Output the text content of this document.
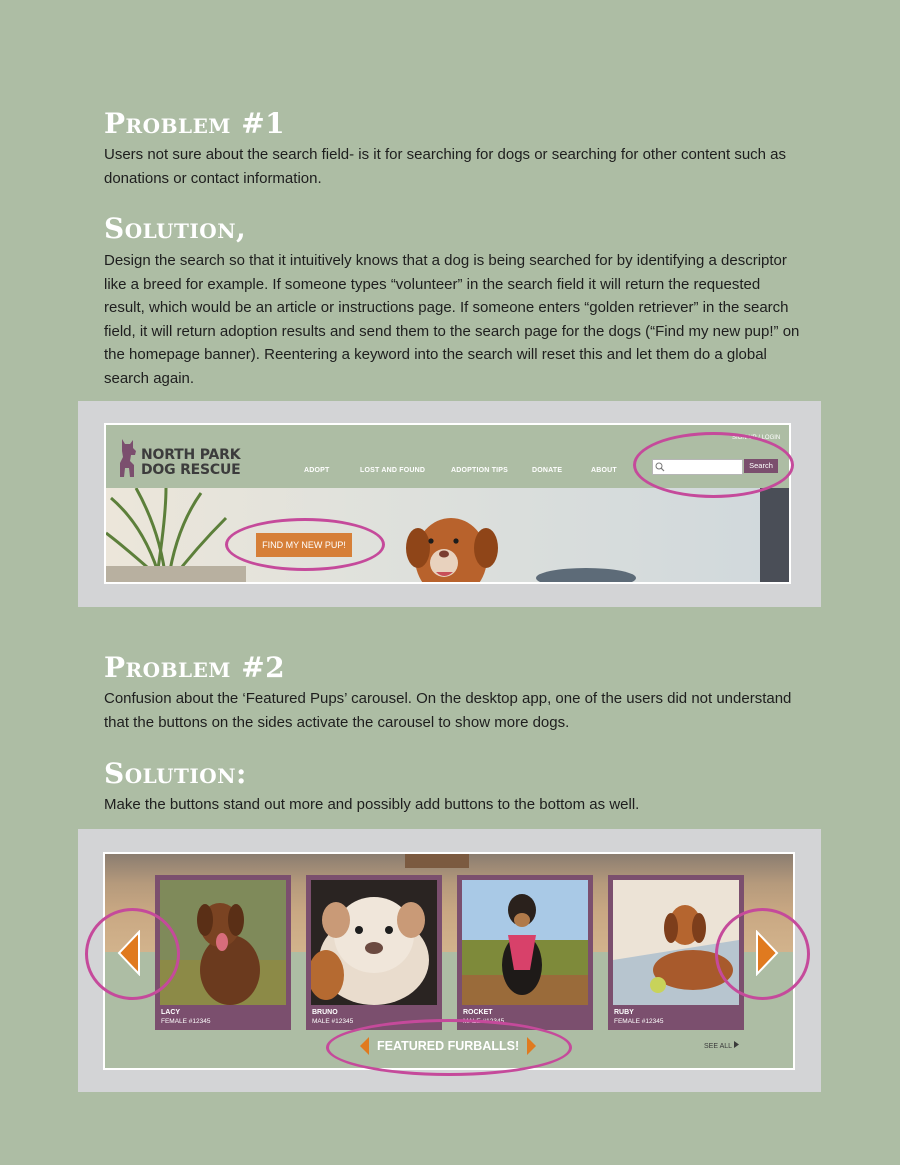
Problem #1

Users not sure about the search field- is it for searching for dogs or searching for other content such as donations or contact information.

Solution,

Design the search so that it intuitively knows that a dog is being searched for by identifying a descriptor like a breed for example. If someone types “volunteer” in the search field it will return the requested result, which would be an article or instructions page. If someone enters “golden retriever” in the search field, it will return adoption results and send them to the search page for the dogs (“Find my new pup!” on the homepage banner). Reentering a keyword into the search will reset this and let them do a global search again.

NORTH PARK
DOG RESCUE	ADOPT	LOST AND FOUND	ADOPTION TIPS	DONATE	ABOUT
SIGN UP / LOGIN
Search
FIND MY NEW PUP!
Problem #2

Confusion about the ‘Featured Pups’ carousel. On the desktop app, one of the users did not understand that the buttons on the sides activate the carousel to show more dogs.

Solution:

Make the buttons stand out more and possibly add buttons to the bottom as well.

LACY
FEMALE #12345
BRUNO
MALE #12345
ROCKET
MALE #12345
RUBY
FEMALE #12345
FEATURED FURBALLS!	SEE ALL
